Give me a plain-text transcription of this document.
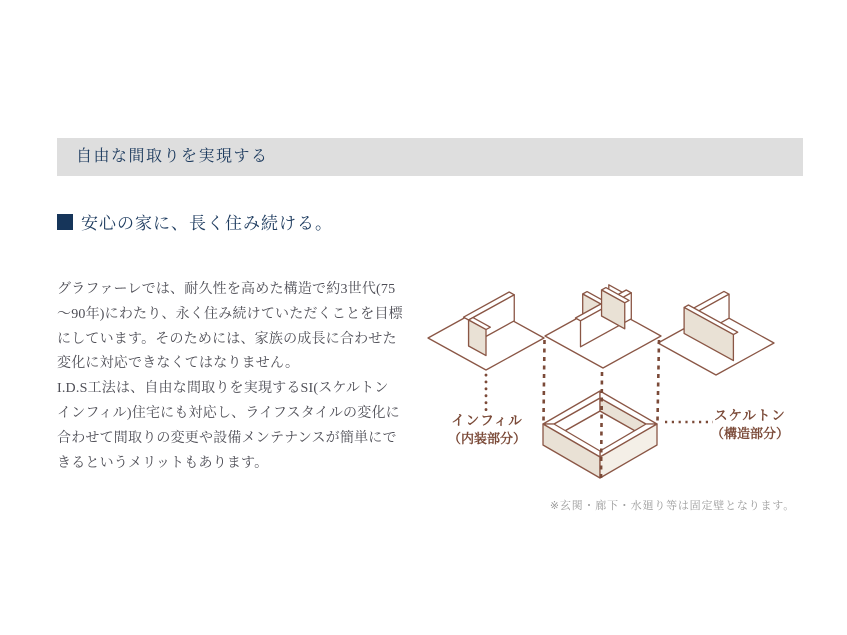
自由な間取りを実現する
安心の家に、長く住み続ける。
グラファーレでは、耐久性を高めた構造で約3世代(75
〜90年)にわたり、永く住み続けていただくことを目標
にしています。そのためには、家族の成長に合わせた
変化に対応できなくてはなりません。
I.D.S工法は、自由な間取りを実現するSI(スケルトン
インフィル)住宅にも対応し、ライフスタイルの変化に
合わせて間取りの変更や設備メンテナンスが簡単にで
きるというメリットもあります。
インフィル
（内装部分）
スケルトン
（構造部分）
※玄関・廊下・水廻り等は固定壁となります。
